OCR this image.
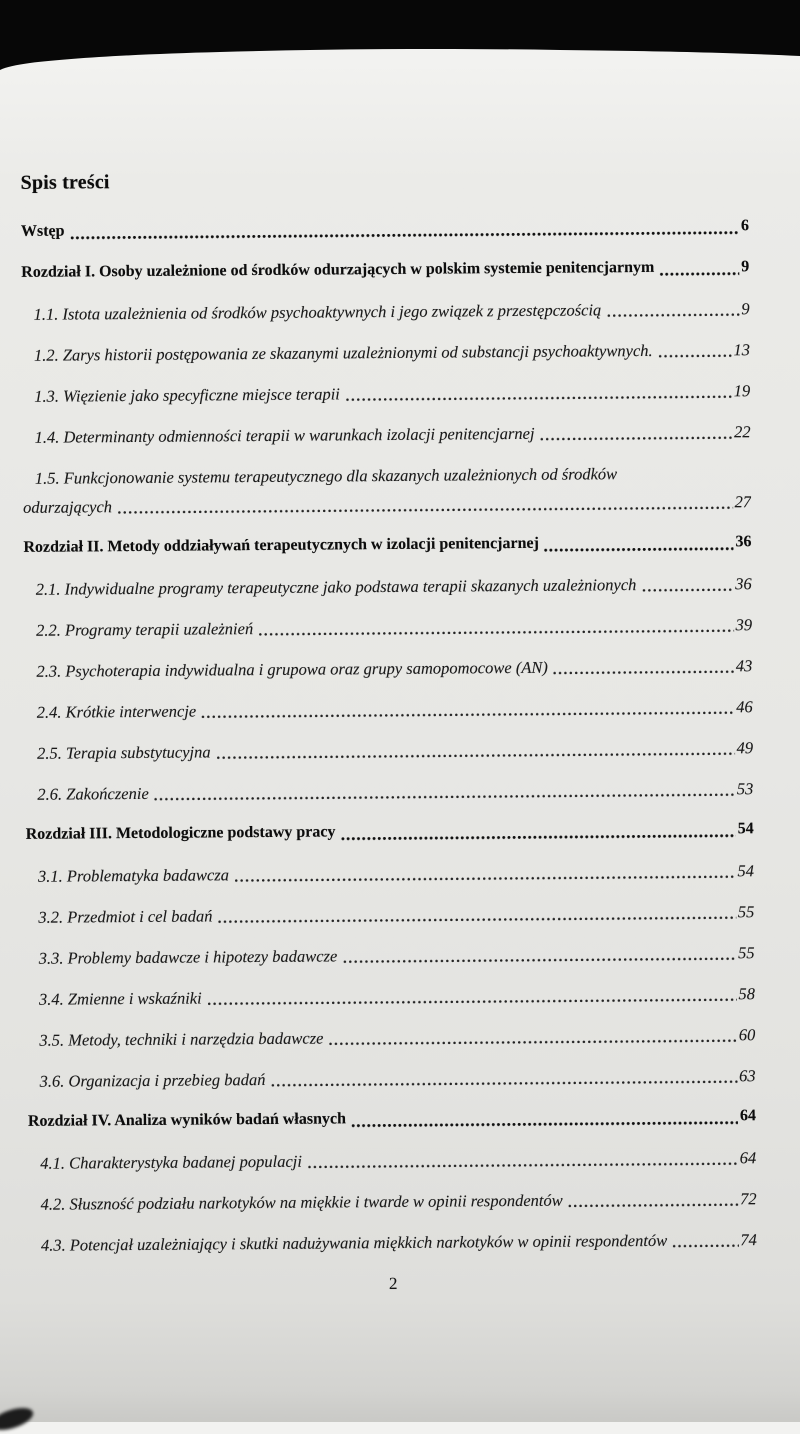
Spis treści
Wstęp	6
Rozdział I. Osoby uzależnione od środków odurzających w polskim systemie penitencjarnym	9
1.1. Istota uzależnienia od środków psychoaktywnych i jego związek z przestępczością	9
1.2. Zarys historii postępowania ze skazanymi uzależnionymi od substancji psychoaktywnych.	13
1.3. Więzienie jako specyficzne miejsce terapii	19
1.4. Determinanty odmienności terapii w warunkach izolacji penitencjarnej	22
1.5. Funkcjonowanie systemu terapeutycznego dla skazanych uzależnionych od środków
odurzających	27
Rozdział II. Metody oddziaływań terapeutycznych w izolacji penitencjarnej	36
2.1. Indywidualne programy terapeutyczne jako podstawa terapii skazanych uzależnionych	36
2.2. Programy terapii uzależnień	39
2.3. Psychoterapia indywidualna i grupowa oraz grupy samopomocowe (AN)	43
2.4. Krótkie interwencje	46
2.5. Terapia substytucyjna	49
2.6. Zakończenie	53
Rozdział III. Metodologiczne podstawy pracy	54
3.1. Problematyka badawcza	54
3.2. Przedmiot i cel badań	55
3.3. Problemy badawcze i hipotezy badawcze	55
3.4. Zmienne i wskaźniki	58
3.5. Metody, techniki i narzędzia badawcze	60
3.6. Organizacja i przebieg badań	63
Rozdział IV. Analiza wyników badań własnych	64
4.1. Charakterystyka badanej populacji	64
4.2. Słuszność podziału narkotyków na miękkie i twarde w opinii respondentów	72
4.3. Potencjał uzależniający i skutki nadużywania miękkich narkotyków w opinii respondentów	74
2
